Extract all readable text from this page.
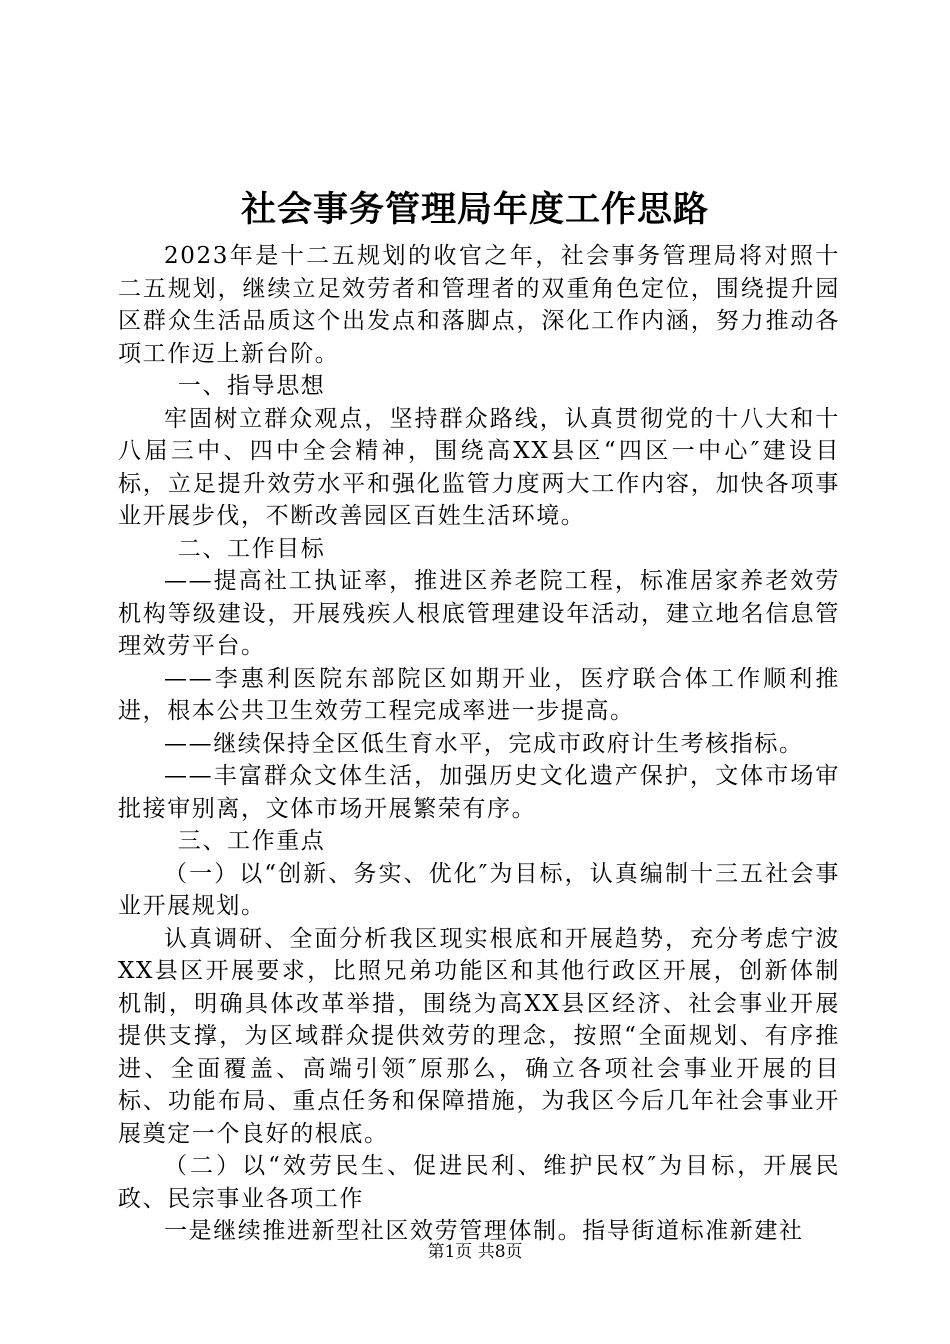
社会事务管理局年度工作思路

2023年是十二五规划的收官之年，社会事务管理局将对照十二五规划，继续立足效劳者和管理者的双重角色定位，围绕提升园区群众生活品质这个出发点和落脚点，深化工作内涵，努力推动各项工作迈上新台阶。

一、指导思想

牢固树立群众观点，坚持群众路线，认真贯彻党的十八大和十八届三中、四中全会精神，围绕高XX县区“四区一中心″建设目标，立足提升效劳水平和强化监管力度两大工作内容，加快各项事业开展步伐，不断改善园区百姓生活环境。

二、工作目标

——提高社工执证率，推进区养老院工程，标准居家养老效劳机构等级建设，开展残疾人根底管理建设年活动，建立地名信息管理效劳平台。

——李惠利医院东部院区如期开业，医疗联合体工作顺利推进，根本公共卫生效劳工程完成率进一步提高。

——继续保持全区低生育水平，完成市政府计生考核指标。

——丰富群众文体生活，加强历史文化遗产保护，文体市场审批接审别离，文体市场开展繁荣有序。

三、工作重点

（一）以“创新、务实、优化″为目标，认真编制十三五社会事业开展规划。

认真调研、全面分析我区现实根底和开展趋势，充分考虑宁波XX县区开展要求，比照兄弟功能区和其他行政区开展，创新体制机制，明确具体改革举措，围绕为高XX县区经济、社会事业开展提供支撑，为区域群众提供效劳的理念，按照“全面规划、有序推进、全面覆盖、高端引领″原那么，确立各项社会事业开展的目标、功能布局、重点任务和保障措施，为我区今后几年社会事业开展奠定一个良好的根底。

（二）以“效劳民生、促进民利、维护民权″为目标，开展民政、民宗事业各项工作

一是继续推进新型社区效劳管理体制。指导街道标准新建社

第1页 共8页
